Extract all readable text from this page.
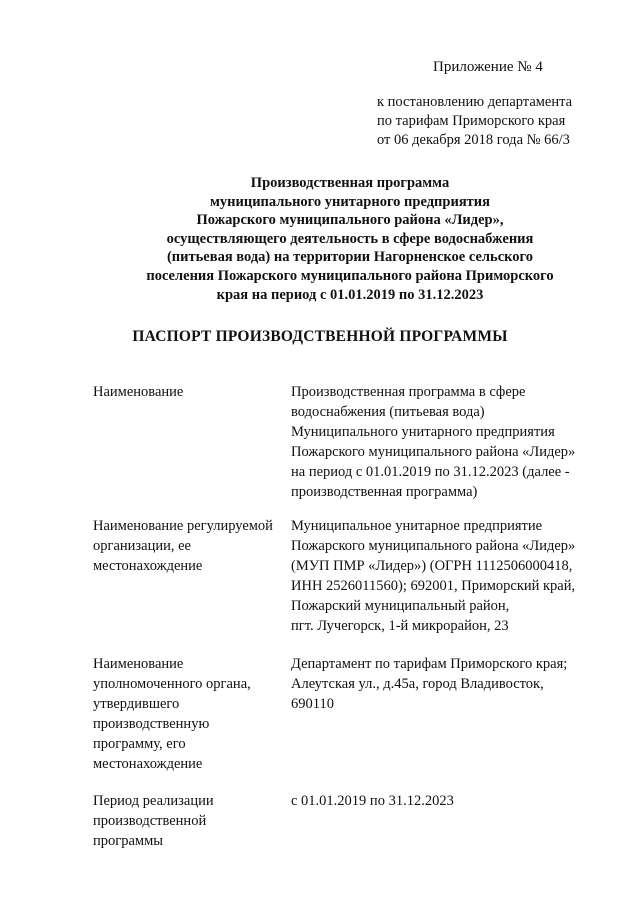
Приложение № 4
к постановлению департамента
по тарифам Приморского края
от 06 декабря 2018 года № 66/3
Производственная программа
муниципального унитарного предприятия
Пожарского муниципального района «Лидер»,
осуществляющего деятельность в сфере водоснабжения
(питьевая вода) на территории Нагорненское сельского
поселения Пожарского муниципального района Приморского
края на период с 01.01.2019 по 31.12.2023
ПАСПОРТ ПРОИЗВОДСТВЕННОЙ ПРОГРАММЫ
Наименование	Производственная программа в сфере
водоснабжения (питьевая вода)
Муниципального унитарного предприятия
Пожарского муниципального района «Лидер»
на период с 01.01.2019 по 31.12.2023 (далее -
производственная программа)
Наименование регулируемой
организации, ее
местонахождение
Муниципальное унитарное предприятие
Пожарского муниципального района «Лидер»
(МУП ПМР «Лидер») (ОГРН 1112506000418,
ИНН 2526011560); 692001, Приморский край,
Пожарский муниципальный район,
пгт. Лучегорск, 1-й микрорайон, 23
Наименование
уполномоченного органа,
утвердившего
производственную
программу, его
местонахождение
Департамент по тарифам Приморского края;
Алеутская ул., д.45а, город Владивосток,
690110
Период реализации
производственной
программы
с 01.01.2019 по 31.12.2023
